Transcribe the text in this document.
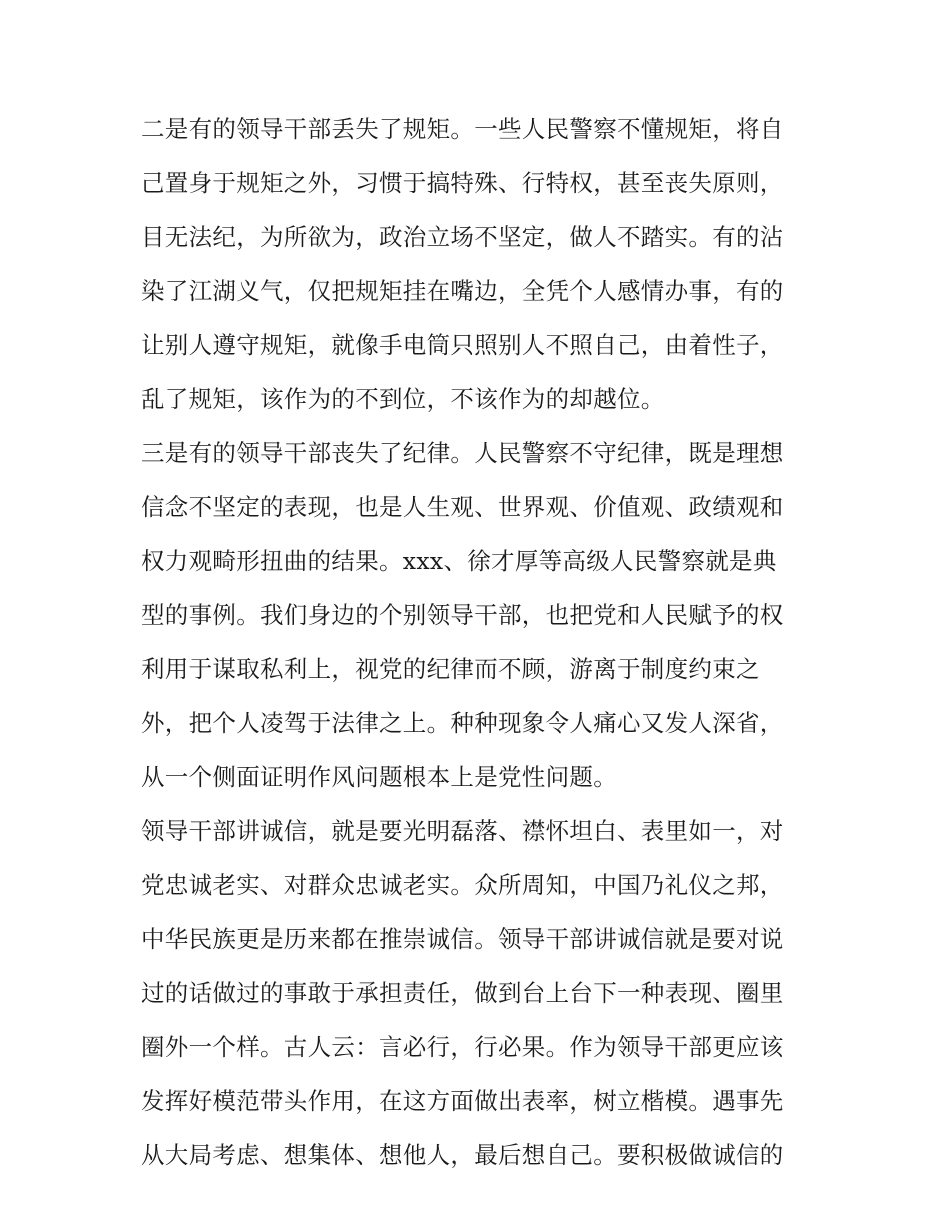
二是有的领导干部丢失了规矩。一些人民警察不懂规矩，将自
己置身于规矩之外，习惯于搞特殊、行特权，甚至丧失原则，
目无法纪，为所欲为，政治立场不坚定，做人不踏实。有的沾
染了江湖义气，仅把规矩挂在嘴边，全凭个人感情办事，有的
让别人遵守规矩，就像手电筒只照别人不照自己，由着性子，
乱了规矩，该作为的不到位，不该作为的却越位。
三是有的领导干部丧失了纪律。人民警察不守纪律，既是理想
信念不坚定的表现，也是人生观、世界观、价值观、政绩观和
权力观畸形扭曲的结果。xxx、徐才厚等高级人民警察就是典
型的事例。我们身边的个别领导干部，也把党和人民赋予的权
利用于谋取私利上，视党的纪律而不顾，游离于制度约束之
外，把个人凌驾于法律之上。种种现象令人痛心又发人深省，
从一个侧面证明作风问题根本上是党性问题。
领导干部讲诚信，就是要光明磊落、襟怀坦白、表里如一，对
党忠诚老实、对群众忠诚老实。众所周知，中国乃礼仪之邦，
中华民族更是历来都在推崇诚信。领导干部讲诚信就是要对说
过的话做过的事敢于承担责任，做到台上台下一种表现、圈里
圈外一个样。古人云：言必行，行必果。作为领导干部更应该
发挥好模范带头作用，在这方面做出表率，树立楷模。遇事先
从大局考虑、想集体、想他人，最后想自己。要积极做诚信的
